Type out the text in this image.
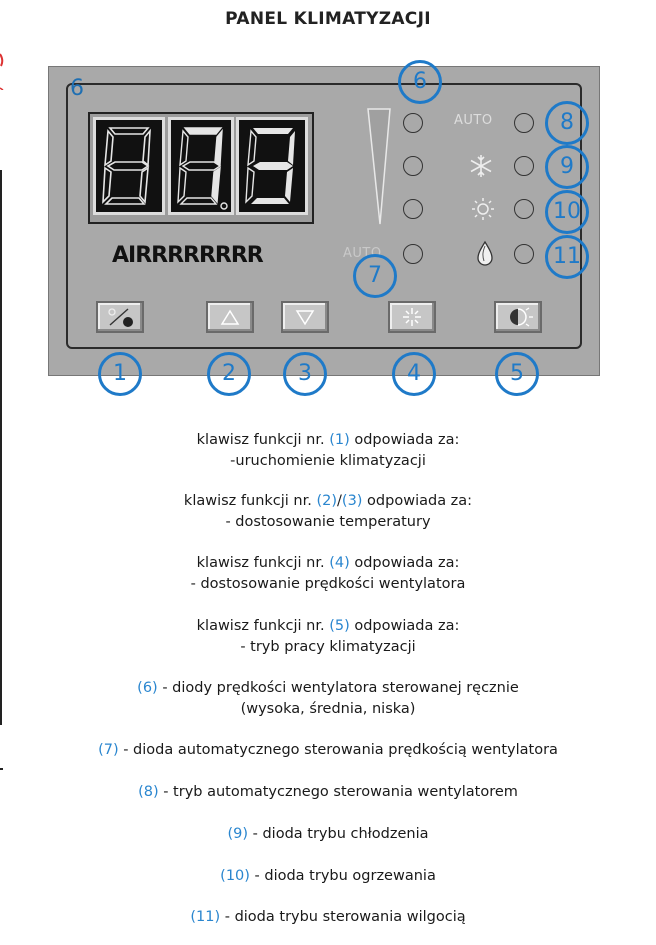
PANEL KLIMATYZACJI
6
AIRRRRRRRR	AUTO
AUTO
1	2	3	4	5
6
7
8
9
10
11
klawisz funkcji nr. (1) odpowiada za:
-uruchomienie klimatyzacji
klawisz funkcji nr. (2)/(3) odpowiada za:
- dostosowanie temperatury
klawisz funkcji nr. (4) odpowiada za:
- dostosowanie prędkości wentylatora
klawisz funkcji nr. (5) odpowiada za:
- tryb pracy klimatyzacji
(6) - diody prędkości wentylatora sterowanej ręcznie
(wysoka, średnia, niska)
(7) - dioda automatycznego sterowania prędkością wentylatora
(8) - tryb automatycznego sterowania wentylatorem
(9) - dioda trybu chłodzenia
(10) - dioda trybu ogrzewania
(11) - dioda trybu sterowania wilgocią
